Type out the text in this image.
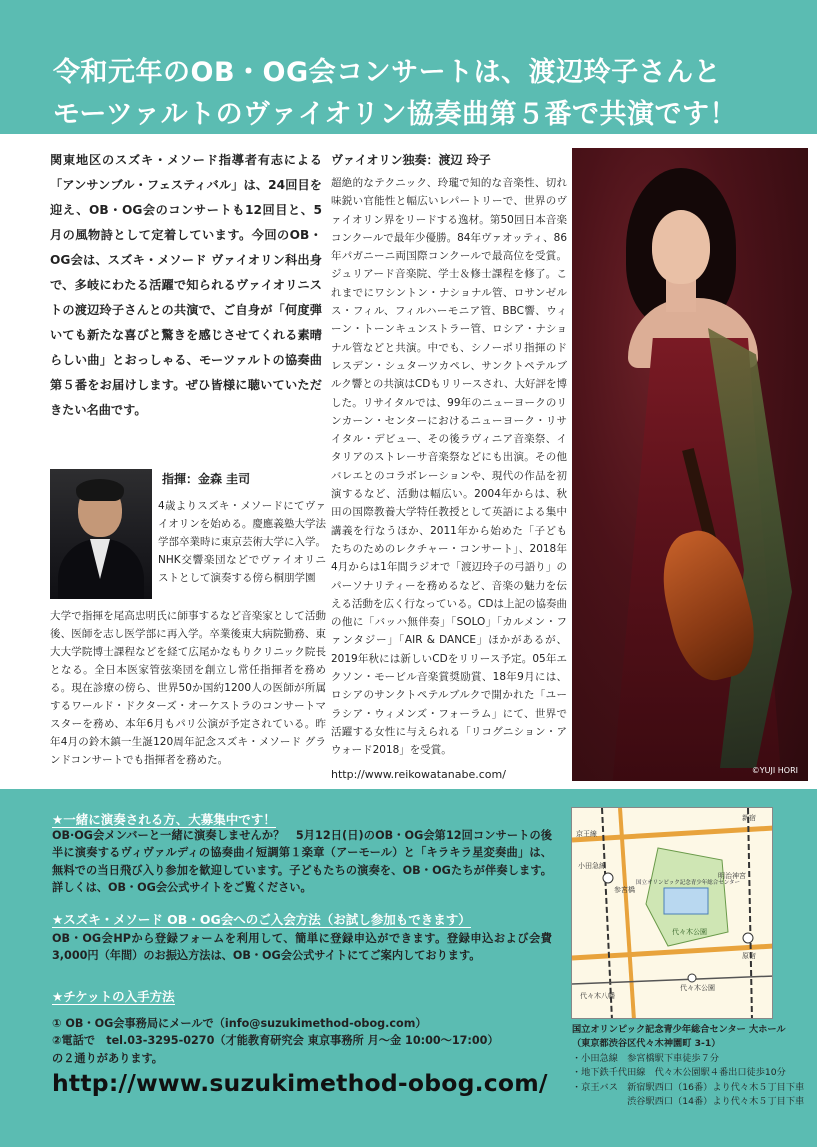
令和元年のOB・OG会コンサートは、渡辺玲子さんと
モーツァルトのヴァイオリン協奏曲第５番で共演です！
関東地区のスズキ・メソード指導者有志による「アンサンブル・フェスティバル」は、24回目を迎え、OB・OG会のコンサートも12回目と、5月の風物詩として定着しています。今回のOB・OG会は、スズキ・メソード ヴァイオリン科出身で、多岐にわたる活躍で知られるヴァイオリニストの渡辺玲子さんとの共演で、ご自身が「何度弾いても新たな喜びと驚きを感じさせてくれる素晴らしい曲」とおっしゃる、モーツァルトの協奏曲第５番をお届けします。ぜひ皆様に聴いていただきたい名曲です。
指揮：金森 圭司
4歳よりスズキ・メソードにてヴァイオリンを始める。慶應義塾大学法学部卒業時に東京芸術大学に入学。NHK交響楽団などでヴァイオリニストとして演奏する傍ら桐朋学園
大学で指揮を尾高忠明氏に師事するなど音楽家として活動後、医師を志し医学部に再入学。卒業後東大病院勤務、東大大学院博士課程などを経て広尾かなもりクリニック院長となる。全日本医家管弦楽団を創立し常任指揮者を務める。現在診療の傍ら、世界50か国約1200人の医師が所属するワールド・ドクターズ・オーケストラのコンサートマスターを務め、本年6月もパリ公演が予定されている。昨年4月の鈴木鎮一生誕120周年記念スズキ・メソード グランドコンサートでも指揮者を務めた。
ヴァイオリン独奏：渡辺 玲子
超絶的なテクニック、玲瓏で知的な音楽性、切れ味鋭い官能性と幅広いレパートリーで、世界のヴァイオリン界をリードする逸材。第50回日本音楽コンクールで最年少優勝。84年ヴァオッティ、86年パガニーニ両国際コンクールで最高位を受賞。ジュリアード音楽院、学士＆修士課程を修了。これまでにワシントン・ナショナル管、ロサンゼルス・フィル、フィルハーモニア管、BBC響、ウィーン・トーンキュンストラー管、ロシア・ナショナル管などと共演。中でも、シノーポリ指揮のドレスデン・シュターツカペレ、サンクトペテルブルク響との共演はCDもリリースされ、大好評を博した。リサイタルでは、99年のニューヨークのリンカーン・センターにおけるニューヨーク・リサイタル・デビュー、その後ラヴィニア音楽祭、イタリアのストレーサ音楽祭などにも出演。その他バレエとのコラボレーションや、現代の作品を初演するなど、活動は幅広い。2004年からは、秋田の国際教養大学特任教授として英語による集中講義を行なうほか、2011年から始めた「子どもたちのためのレクチャー・コンサート」、2018年4月からは1年間ラジオで「渡辺玲子の弓語り」のパーソナリティーを務めるなど、音楽の魅力を伝える活動を広く行なっている。CDは上記の協奏曲の他に「バッハ無伴奏」「SOLO」「カルメン・ファンタジー」「AIR & DANCE」ほかがあるが、2019年秋には新しいCDをリリース予定。05年エクソン・モービル音楽賞奨励賞、18年9月には、ロシアのサンクトペテルブルクで開かれた「ユーラシア・ウィメンズ・フォーラム」にて、世界で活躍する女性に与えられる「リコグニション・アウォード2018」を受賞。
http://www.reikowatanabe.com/	©YUJI HORI
★一緒に演奏される方、大募集中です！
OB·OG会メンバーと一緒に演奏しませんか？　5月12日(日)のOB・OG会第12回コンサートの後半に演奏するヴィヴァルディの協奏曲イ短調第１楽章（アーモール）と「キラキラ星変奏曲」は、無料での当日飛び入り参加を歓迎しています。子どもたちの演奏を、OB・OGたちが伴奏します。詳しくは、OB・OG会公式サイトをご覧ください。
★スズキ・メソード OB・OG会へのご入会方法（お試し参加もできます）
OB・OG会HPから登録フォームを利用して、簡単に登録申込ができます。登録申込および会費3,000円（年間）のお振込方法は、OB・OG会公式サイトにてご案内しております。
★チケットの入手方法
① OB・OG会事務局にメールで（info@suzukimethod-obog.com）
②電話で　tel.03-3295-0270（才能教育研究会 東京事務所 月～金 10:00～17:00）
の２通りがあります。
http://www.suzukimethod-obog.com/
代々木八幡
京王線
小田急線
国立オリンピック記念青少年総合センター
代々木公園
参宮橋
新宿
明治神宮
原宿
代々木公園
国立オリンピック記念青少年総合センター 大ホール
（東京都渋谷区代々木神園町 3-1）
・小田急線　参宮橋駅下車徒歩７分
・地下鉄千代田線　代々木公園駅４番出口徒歩10分
・京王バス　新宿駅西口（16番）より代々木５丁目下車
　　　　　　渋谷駅西口（14番）より代々木５丁目下車
